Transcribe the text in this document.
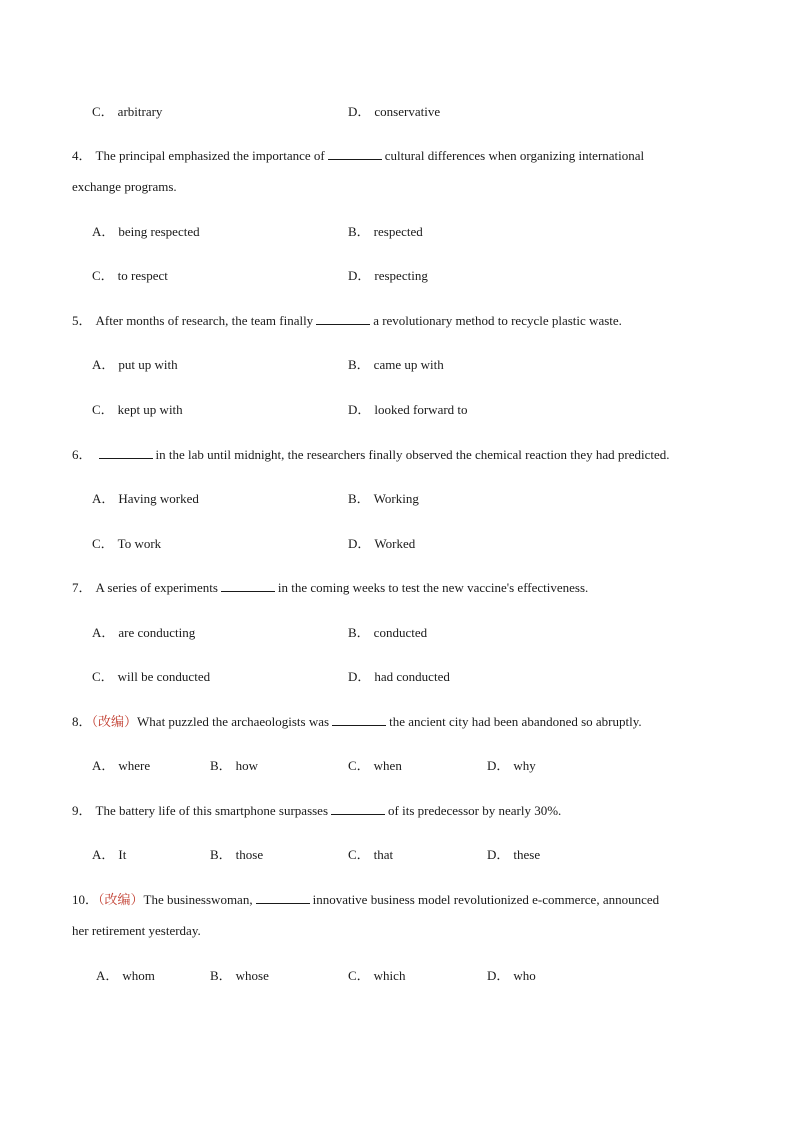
C． arbitrary	D． conservative
4． The principal emphasized the importance of	cultural differences when organizing international
exchange programs.
A． being respected	B． respected
C． to respect	D． respecting
5． After months of research, the team finally	a revolutionary method to recycle plastic waste.
A． put up with	B． came up with
C． kept up with	D． looked forward to
6．	in the lab until midnight, the researchers finally observed the chemical reaction they had predicted.
A． Having worked	B． Working
C． To work	D． Worked
7． A series of experiments	in the coming weeks to test the new vaccine's effectiveness.
A． are conducting	B． conducted
C． will be conducted	D． had conducted
8．（改编）What puzzled the archaeologists was	the ancient city had been abandoned so abruptly.
A． where	B． how	C． when	D． why
9． The battery life of this smartphone surpasses	of its predecessor by nearly 30%.
A． It	B． those	C． that	D． these
10．（改编）The businesswoman,	innovative business model revolutionized e-commerce, announced
her retirement yesterday.
A． whom	B． whose	C． which	D． who
